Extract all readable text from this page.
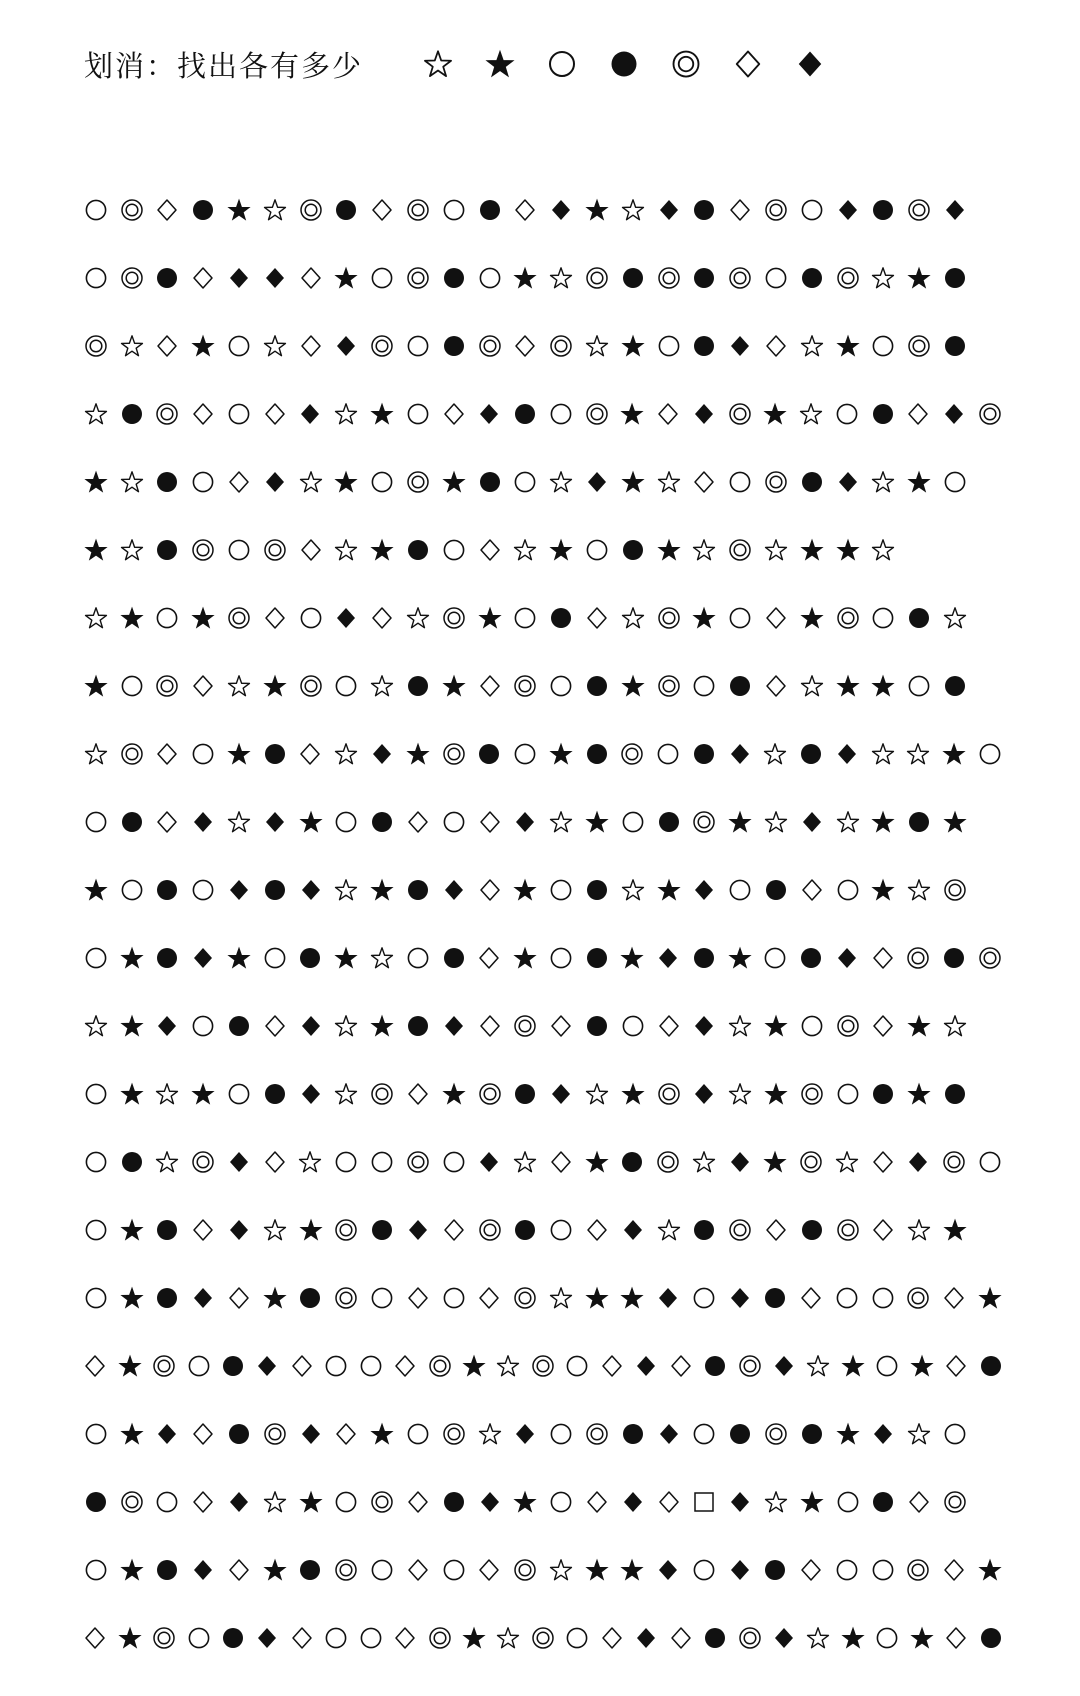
划消：找出各有多少
